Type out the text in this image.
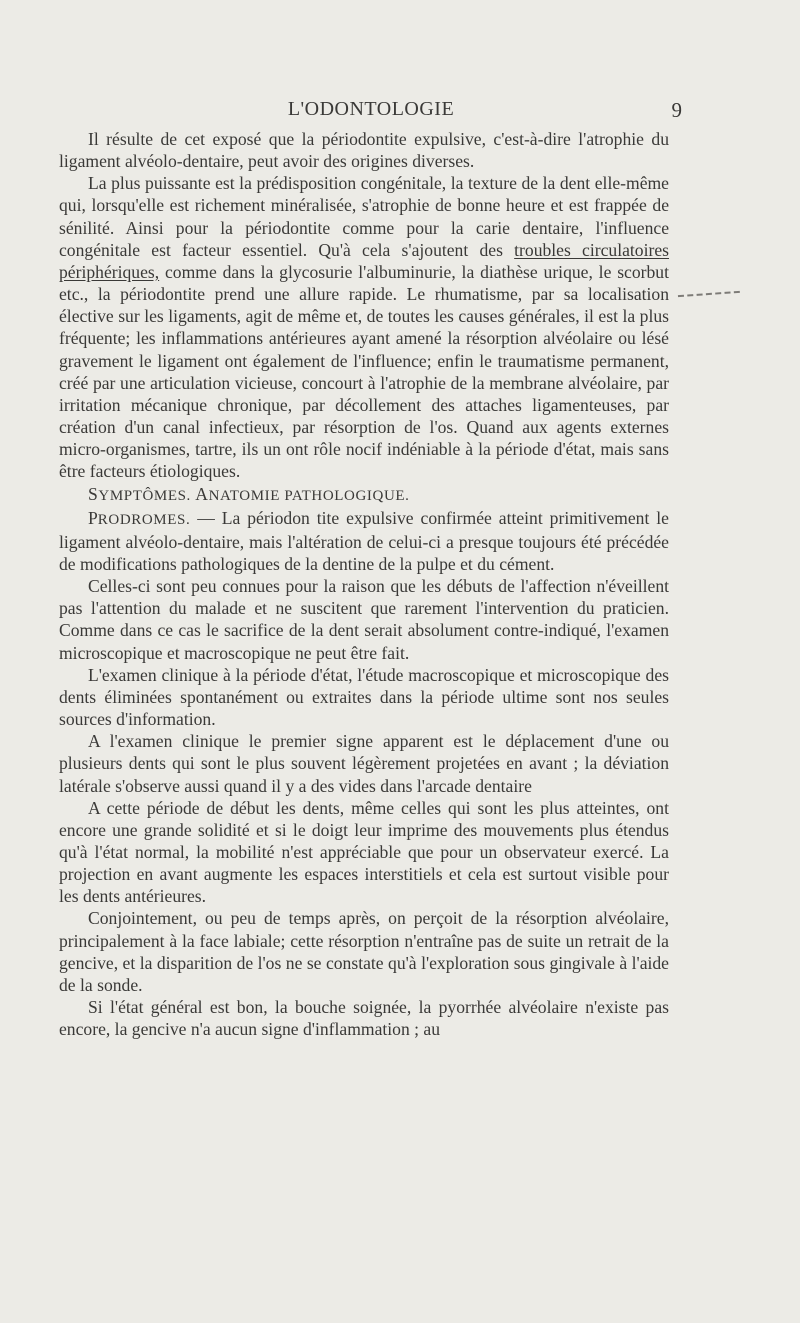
L'ODONTOLOGIE	9

Il résulte de cet exposé que la périodontite expulsive, c'est-à-dire l'atrophie du ligament alvéolo-dentaire, peut avoir des origines diverses.

La plus puissante est la prédisposition congénitale, la texture de la dent elle-même qui, lorsqu'elle est richement minéralisée, s'atrophie de bonne heure et est frappée de sénilité. Ainsi pour la périodontite comme pour la carie dentaire, l'influence congénitale est facteur essentiel. Qu'à cela s'ajoutent des troubles circulatoires périphériques, comme dans la glycosurie l'albuminurie, la diathèse urique, le scorbut etc., la périodontite prend une allure rapide. Le rhumatisme, par sa localisation élective sur les ligaments, agit de même et, de toutes les causes générales, il est la plus fréquente; les inflammations antérieures ayant amené la résorption alvéolaire ou lésé gravement le ligament ont également de l'influence; enfin le traumatisme permanent, créé par une articulation vicieuse, concourt à l'atrophie de la membrane alvéolaire, par irritation mécanique chronique, par décollement des attaches ligamenteuses, par création d'un canal infectieux, par résorption de l'os. Quand aux agents externes micro-organismes, tartre, ils un ont rôle nocif indéniable à la période d'état, mais sans être facteurs étiologiques.

SYMPTÔMES. ANATOMIE PATHOLOGIQUE.

PRODROMES. — La périodon tite expulsive confirmée atteint primitivement le ligament alvéolo-dentaire, mais l'altération de celui-ci a presque toujours été précédée de modifications pathologiques de la dentine de la pulpe et du cément.

Celles-ci sont peu connues pour la raison que les débuts de l'affection n'éveillent pas l'attention du malade et ne suscitent que rarement l'intervention du praticien. Comme dans ce cas le sacrifice de la dent serait absolument contre-indiqué, l'examen microscopique et macroscopique ne peut être fait.

L'examen clinique à la période d'état, l'étude macroscopique et microscopique des dents éliminées spontanément ou extraites dans la période ultime sont nos seules sources d'information.

A l'examen clinique le premier signe apparent est le déplacement d'une ou plusieurs dents qui sont le plus souvent légèrement projetées en avant ; la déviation latérale s'observe aussi quand il y a des vides dans l'arcade dentaire

A cette période de début les dents, même celles qui sont les plus atteintes, ont encore une grande solidité et si le doigt leur imprime des mouvements plus étendus qu'à l'état normal, la mobilité n'est appréciable que pour un observateur exercé. La projection en avant augmente les espaces interstitiels et cela est surtout visible pour les dents antérieures.

Conjointement, ou peu de temps après, on perçoit de la résorption alvéolaire, principalement à la face labiale; cette résorption n'entraîne pas de suite un retrait de la gencive, et la disparition de l'os ne se constate qu'à l'exploration sous gingivale à l'aide de la sonde.

Si l'état général est bon, la bouche soignée, la pyorrhée alvéolaire n'existe pas encore, la gencive n'a aucun signe d'inflammation ; au
